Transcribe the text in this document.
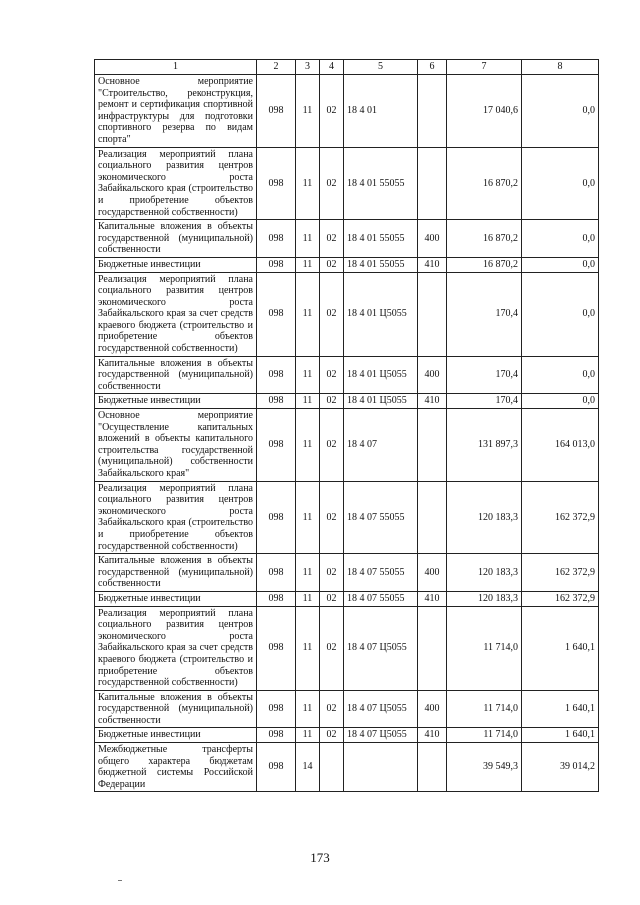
1	2	3	4	5	6	7	8
Основное мероприятие "Строительство, реконструкция, ремонт и сертификация спортивной инфраструктуры для подготовки спортивного резерва по видам спорта"	098	11	02	18 4 01		17 040,6	0,0
Реализация мероприятий плана социального развития центров экономического роста Забайкальского края (строительство и приобретение объектов государственной собственности)	098	11	02	18 4 01 55055		16 870,2	0,0
Капитальные вложения в объекты государственной (муниципальной) собственности	098	11	02	18 4 01 55055	400	16 870,2	0,0
Бюджетные инвестиции	098	11	02	18 4 01 55055	410	16 870,2	0,0
Реализация мероприятий плана социального развития центров экономического роста Забайкальского края за счет средств краевого бюджета (строительство и приобретение объектов государственной собственности)	098	11	02	18 4 01 Ц5055		170,4	0,0
Капитальные вложения в объекты государственной (муниципальной) собственности	098	11	02	18 4 01 Ц5055	400	170,4	0,0
Бюджетные инвестиции	098	11	02	18 4 01 Ц5055	410	170,4	0,0
Основное мероприятие "Осуществление капитальных вложений в объекты капитального строительства государственной (муниципальной) собственности Забайкальского края"	098	11	02	18 4 07		131 897,3	164 013,0
Реализация мероприятий плана социального развития центров экономического роста Забайкальского края (строительство и приобретение объектов государственной собственности)	098	11	02	18 4 07 55055		120 183,3	162 372,9
Капитальные вложения в объекты государственной (муниципальной) собственности	098	11	02	18 4 07 55055	400	120 183,3	162 372,9
Бюджетные инвестиции	098	11	02	18 4 07 55055	410	120 183,3	162 372,9
Реализация мероприятий плана социального развития центров экономического роста Забайкальского края за счет средств краевого бюджета (строительство и приобретение объектов государственной собственности)	098	11	02	18 4 07 Ц5055		11 714,0	1 640,1
Капитальные вложения в объекты государственной (муниципальной) собственности	098	11	02	18 4 07 Ц5055	400	11 714,0	1 640,1
Бюджетные инвестиции	098	11	02	18 4 07 Ц5055	410	11 714,0	1 640,1
Межбюджетные трансферты общего характера бюджетам бюджетной системы Российской Федерации	098	14				39 549,3	39 014,2
173
